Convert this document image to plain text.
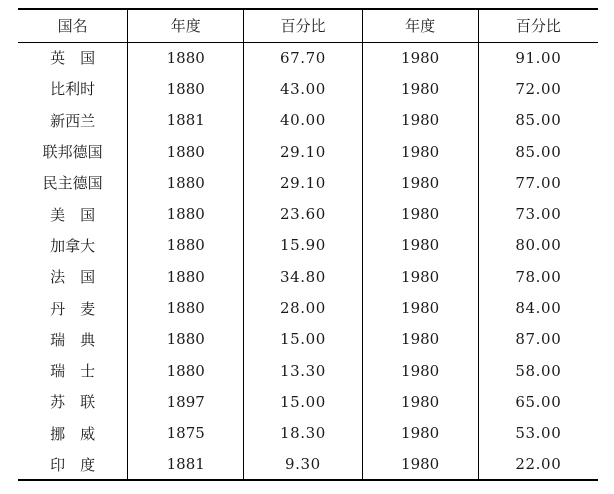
国名	年度	百分比	年度	百分比
英　国	1880	67.70	1980	91.00
比利时	1880	43.00	1980	72.00
新西兰	1881	40.00	1980	85.00
联邦德国	1880	29.10	1980	85.00
民主德国	1880	29.10	1980	77.00
美　国	1880	23.60	1980	73.00
加拿大	1880	15.90	1980	80.00
法　国	1880	34.80	1980	78.00
丹　麦	1880	28.00	1980	84.00
瑞　典	1880	15.00	1980	87.00
瑞　士	1880	13.30	1980	58.00
苏　联	1897	15.00	1980	65.00
挪　威	1875	18.30	1980	53.00
印　度	1881	9.30	1980	22.00
